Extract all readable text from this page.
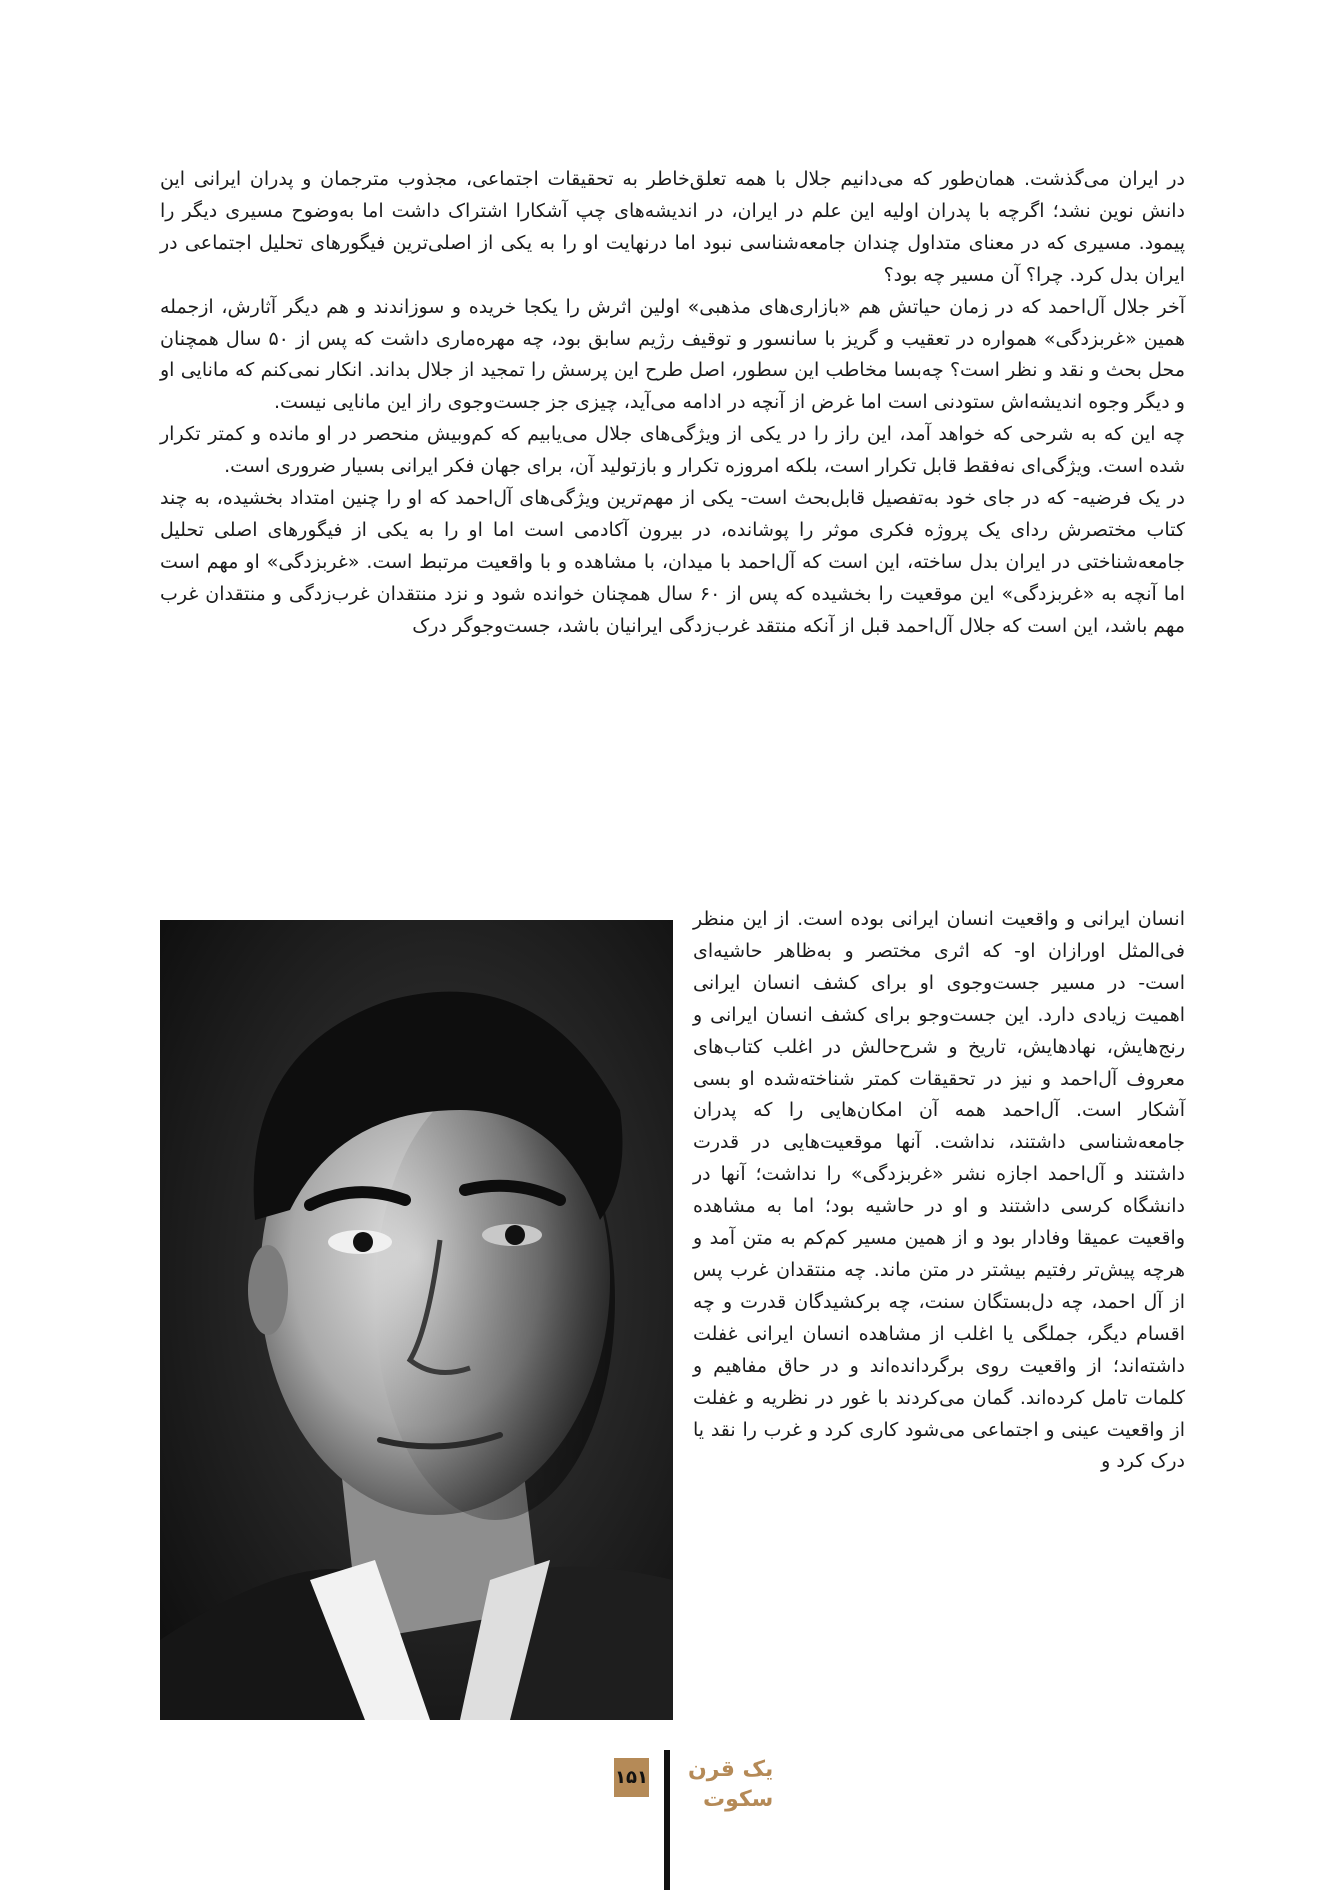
در ایران می‌گذشت. همان‌طور که می‌دانیم جلال با همه تعلق‌خاطر به تحقیقات اجتماعی، مجذوب مترجمان و پدران ایرانی این دانش نوین نشد؛ اگرچه با پدران اولیه این علم در ایران، در اندیشه‌های چپ آشکارا اشتراک داشت اما به‌وضوح مسیری دیگر را پیمود. مسیری که در معنای متداول چندان جامعه‌شناسی نبود اما درنهایت او را به یکی از اصلی‌ترین فیگورهای تحلیل اجتماعی در ایران بدل کرد. چرا؟ آن مسیر چه بود؟

آخر جلال آل‌احمد که در زمان حیاتش هم «بازاری‌های مذهبی» اولین اثرش را یکجا خریده و سوزاندند و هم دیگر آثارش، ازجمله همین «غربزدگی» همواره در تعقیب و گریز با سانسور و توقیف رژیم سابق بود، چه مهره‌ماری داشت که پس از ۵۰ سال همچنان محل بحث و نقد و نظر است؟ چه‌بسا مخاطب این سطور، اصل طرح این پرسش را تمجید از جلال بداند. انکار نمی‌کنم که مانایی او و دیگر وجوه اندیشه‌اش ستودنی است اما غرض از آنچه در ادامه می‌آید، چیزی جز جست‌وجوی راز این مانایی نیست.

چه این که به شرحی که خواهد آمد، این راز را در یکی از ویژگی‌های جلال می‌یابیم که کم‌وبیش منحصر در او مانده و کمتر تکرار شده است. ویژگی‌ای نه‌فقط قابل تکرار است، بلکه امروزه تکرار و بازتولید آن، برای جهان فکر ایرانی بسیار ضروری است.

در یک فرضیه- که در جای خود به‌تفصیل قابل‌بحث است- یکی از مهم‌ترین ویژگی‌های آل‌احمد که او را چنین امتداد بخشیده، به چند کتاب مختصرش ردای یک پروژه فکری موثر را پوشانده، در بیرون آکادمی است اما او را به یکی از فیگورهای اصلی تحلیل جامعه‌شناختی در ایران بدل ساخته، این است که آل‌احمد با میدان، با مشاهده و با واقعیت مرتبط است. «غربزدگی» او مهم است اما آنچه به «غربزدگی» این موقعیت را بخشیده که پس از ۶۰ سال همچنان خوانده شود و نزد منتقدان غرب‌زدگی و منتقدان غرب مهم باشد، این است که جلال آل‌احمد قبل از آنکه منتقد غرب‌زدگی ایرانیان باشد، جست‌وجوگر درک

انسان ایرانی و واقعیت انسان ایرانی بوده است. از این منظر فی‌المثل اورازان او- که اثری مختصر و به‌ظاهر حاشیه‌ای است- در مسیر جست‌وجوی او برای کشف انسان ایرانی اهمیت زیادی دارد. این جست‌وجو برای کشف انسان ایرانی و رنج‌هایش، نهادهایش، تاریخ و شرح‌حالش در اغلب کتاب‌های معروف آل‌احمد و نیز در تحقیقات کمتر شناخته‌شده او بسی آشکار است. آل‌احمد همه آن امکان‌هایی را که پدران جامعه‌شناسی داشتند، نداشت. آنها موقعیت‌هایی در قدرت داشتند و آل‌احمد اجازه نشر «غربزدگی» را نداشت؛ آنها در دانشگاه کرسی داشتند و او در حاشیه بود؛ اما به مشاهده واقعیت عمیقا وفادار بود و از همین مسیر کم‌کم به متن آمد و هرچه پیش‌تر رفتیم بیشتر در متن ماند. چه منتقدان غرب پس از آل احمد، چه دل‌بستگان سنت، چه برکشیدگان قدرت و چه اقسام دیگر، جملگی یا اغلب از مشاهده انسان ایرانی غفلت داشته‌اند؛ از واقعیت روی برگردانده‌اند و در حاق مفاهیم و کلمات تامل کرده‌اند. گمان می‌کردند با غور در نظریه و غفلت از واقعیت عینی و اجتماعی می‌شود کاری کرد و غرب را نقد یا درک کرد و

۱۵۱ یک قرن
سکوت
